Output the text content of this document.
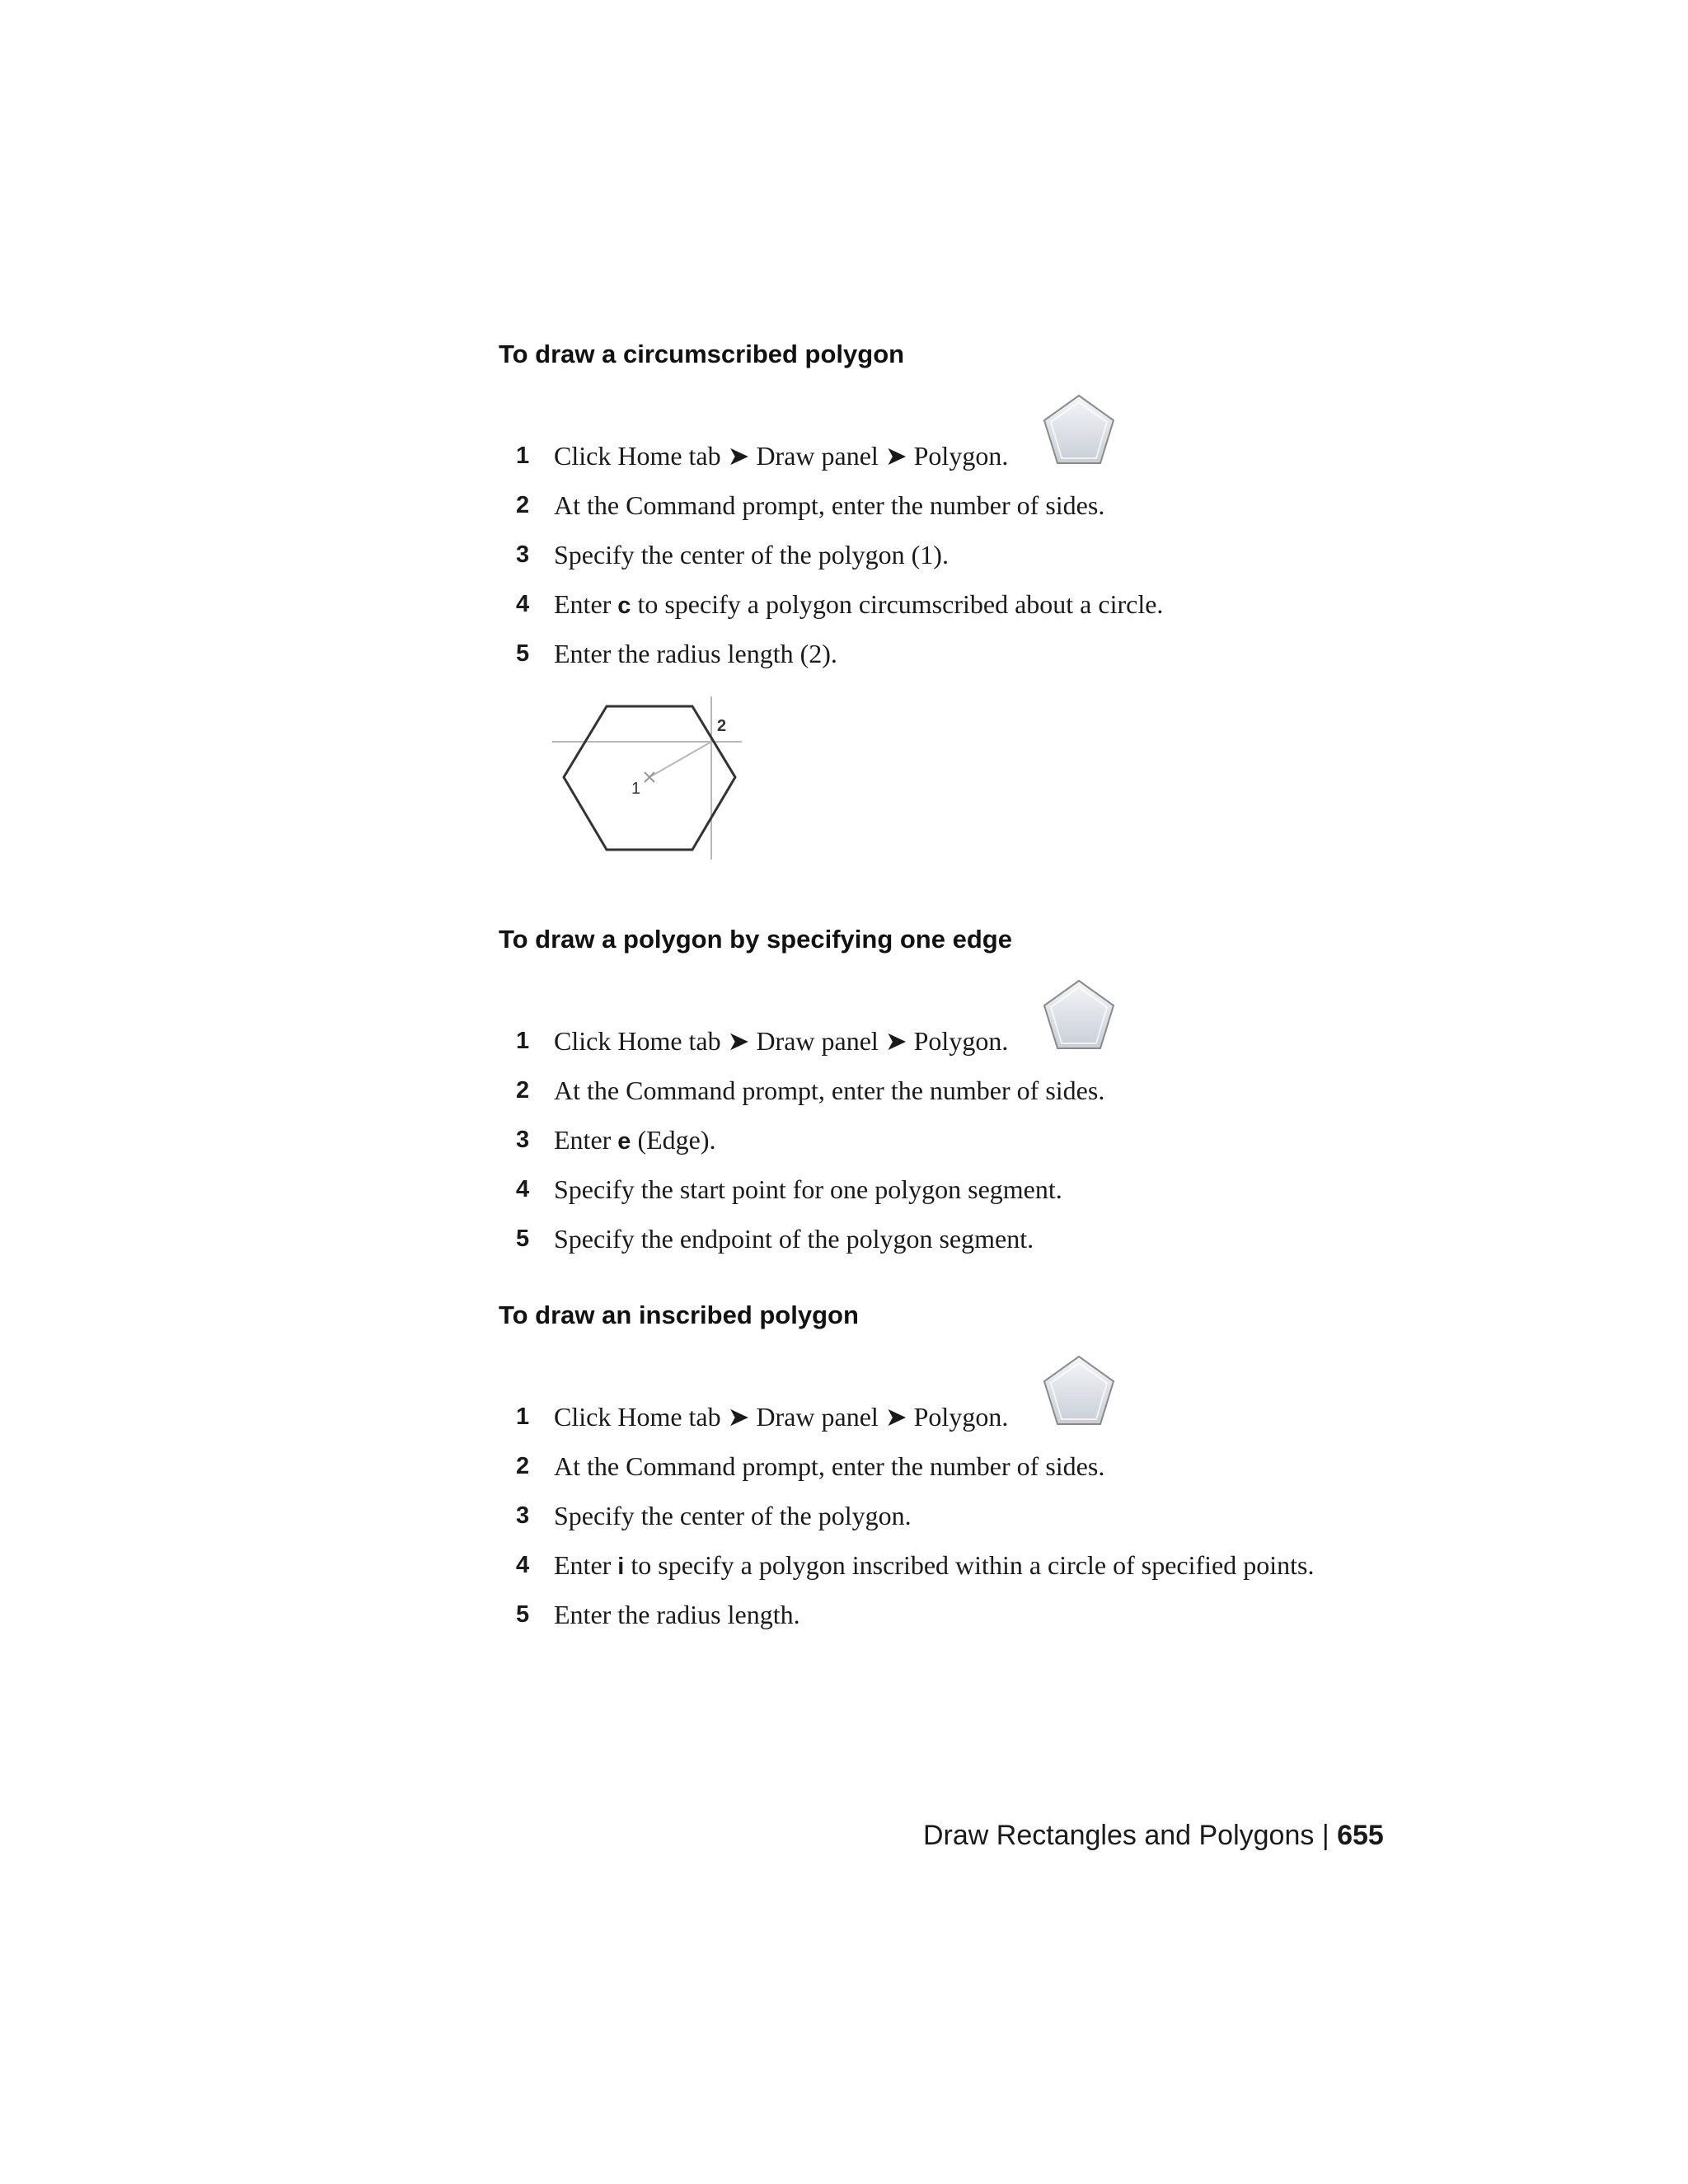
To draw a circumscribed polygon
1 Click Home tab ➤ Draw panel ➤ Polygon.
2 At the Command prompt, enter the number of sides.
3 Specify the center of the polygon (1).
4 Enter c to specify a polygon circumscribed about a circle.
5 Enter the radius length (2).
1
2
To draw a polygon by specifying one edge
1 Click Home tab ➤ Draw panel ➤ Polygon.
2 At the Command prompt, enter the number of sides.
3 Enter e (Edge).
4 Specify the start point for one polygon segment.
5 Specify the endpoint of the polygon segment.
To draw an inscribed polygon
1 Click Home tab ➤ Draw panel ➤ Polygon.
2 At the Command prompt, enter the number of sides.
3 Specify the center of the polygon.
4 Enter i to specify a polygon inscribed within a circle of specified points.
5 Enter the radius length.
Draw Rectangles and Polygons | 655
